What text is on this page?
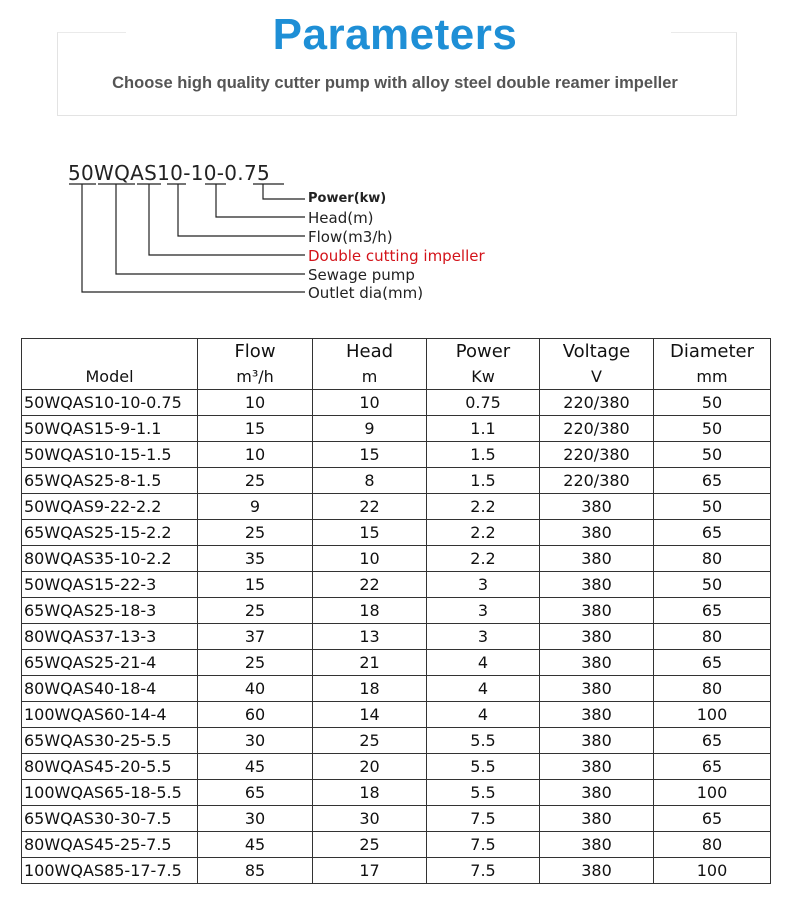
Parameters
Choose high quality cutter pump with alloy steel double reamer impeller
50WQAS10-10-0.75
Power(kw)
Head(m)
Flow(m3/h)
Double cutting impeller
Sewage pump
Outlet dia(mm)
	Flow	Head	Power	Voltage	Diameter
Model	m³/h	m	Kw	V	mm
50WQAS10-10-0.75	10	10	0.75	220/380	50
50WQAS15-9-1.1	15	9	1.1	220/380	50
50WQAS10-15-1.5	10	15	1.5	220/380	50
65WQAS25-8-1.5	25	8	1.5	220/380	65
50WQAS9-22-2.2	9	22	2.2	380	50
65WQAS25-15-2.2	25	15	2.2	380	65
80WQAS35-10-2.2	35	10	2.2	380	80
50WQAS15-22-3	15	22	3	380	50
65WQAS25-18-3	25	18	3	380	65
80WQAS37-13-3	37	13	3	380	80
65WQAS25-21-4	25	21	4	380	65
80WQAS40-18-4	40	18	4	380	80
100WQAS60-14-4	60	14	4	380	100
65WQAS30-25-5.5	30	25	5.5	380	65
80WQAS45-20-5.5	45	20	5.5	380	65
100WQAS65-18-5.5	65	18	5.5	380	100
65WQAS30-30-7.5	30	30	7.5	380	65
80WQAS45-25-7.5	45	25	7.5	380	80
100WQAS85-17-7.5	85	17	7.5	380	100
